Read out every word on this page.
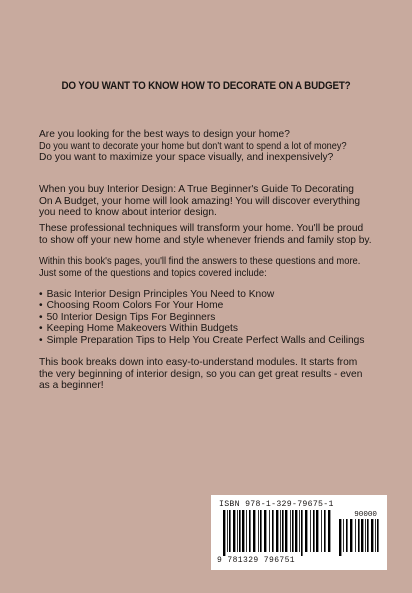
DO YOU WANT TO KNOW HOW TO DECORATE ON A BUDGET?

Are you looking for the best ways to design your home?

Do you want to decorate your home but don't want to spend a lot of money?

Do you want to maximize your space visually, and inexpensively?

When you buy Interior Design: A True Beginner's Guide To Decorating

On A Budget, your home will look amazing! You will discover everything

you need to know about interior design.

These professional techniques will transform your home. You'll be proud

to show off your new home and style whenever friends and family stop by.

Within this book's pages, you'll find the answers to these questions and more.

Just some of the questions and topics covered include:

• Basic Interior Design Principles You Need to Know
• Choosing Room Colors For Your Home
• 50 Interior Design Tips For Beginners
• Keeping Home Makeovers Within Budgets
• Simple Preparation Tips to Help You Create Perfect Walls and Ceilings

This book breaks down into easy-to-understand modules. It starts from

the very beginning of interior design, so you can get great results - even

as a beginner!

ISBN 978-1-329-79675-1
90000
9 781329 796751
